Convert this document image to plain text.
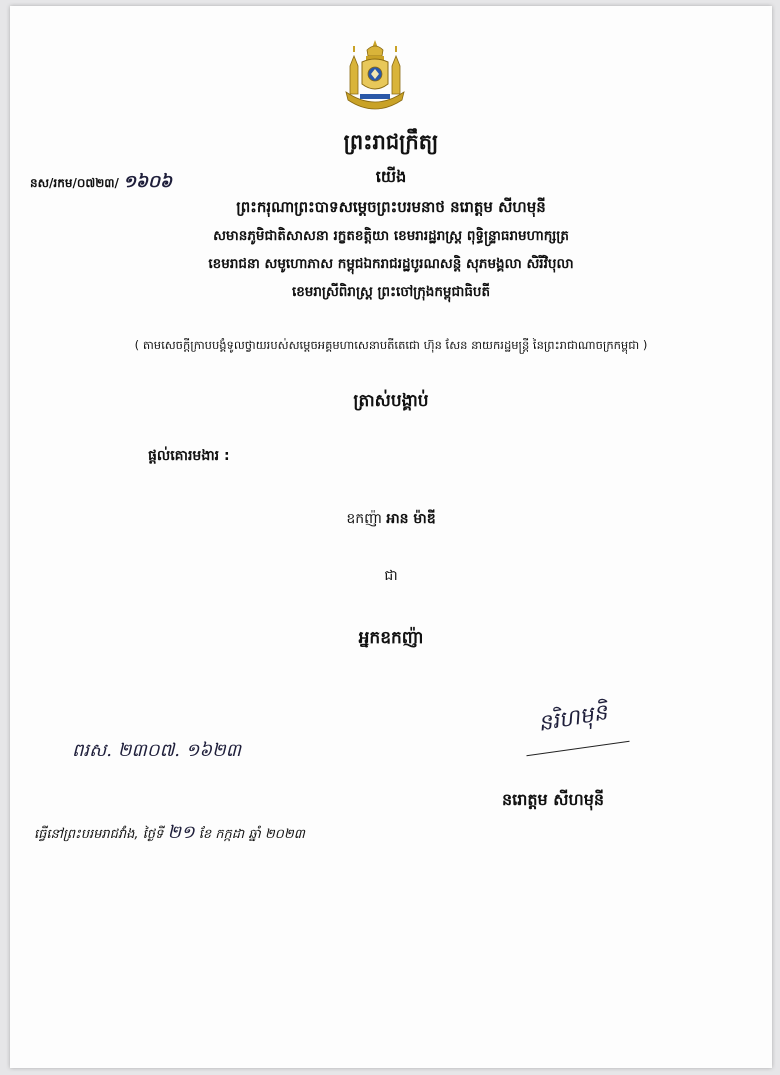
ព្រះរាជក្រឹត្យ
នស/រកម/០៧២៣/ ១៦០៦	យើង
ព្រះករុណាព្រះបាទសម្តេចព្រះបរមនាថ នរោត្តម សីហមុនី
សមានភូមិជាតិសាសនា រក្ខតខត្តិយា ខេមរារដ្ឋរាស្ត្រ ពុទ្ធិន្ទ្រាធរាមហាក្សត្រ
ខេមរាជនា សមូហោភាស កម្ពុជឯករាជរដ្ឋបូរណសន្តិ សុភមង្គលា សិរីវិបុលា
ខេមរាស្រីពិរាស្ត្រ ព្រះចៅក្រុងកម្ពុជាធិបតី
( តាមសេចក្តីក្រាបបង្គំទូលថ្វាយរបស់សម្តេចអគ្គមហាសេនាបតីតេជោ ហ៊ុន សែន នាយករដ្ឋមន្ត្រី នៃព្រះរាជាណាចក្រកម្ពុជា )
ត្រាស់បង្គាប់
ផ្តល់គោរមងារ :
ឧកញ៉ា អាន ម៉ាឌី
ជា
អ្នកឧកញ៉ា
នរិហមុនិ
ពរស. ២៣០៧. ១៦២៣
នរោត្តម សីហមុនី
ធ្វើនៅព្រះបរមរាជវាំង, ថ្ងៃទី ២១ ខែ កក្កដា ឆ្នាំ ២០២៣
